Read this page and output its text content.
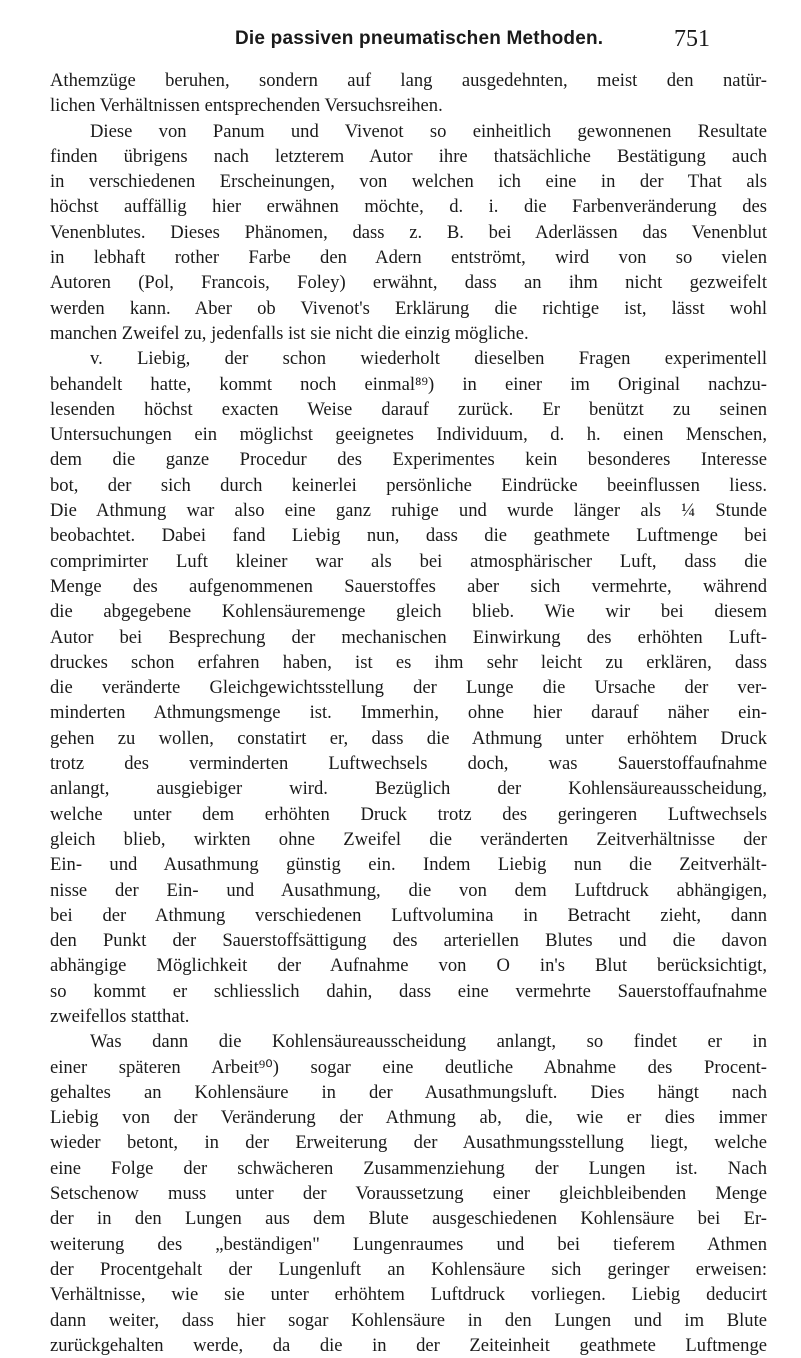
Die passiven pneumatischen Methoden.	751
Athemzüge beruhen, sondern auf lang ausgedehnten, meist den natür-
lichen Verhältnissen entsprechenden Versuchsreihen.
Diese von Panum und Vivenot so einheitlich gewonnenen Resultate
finden übrigens nach letzterem Autor ihre thatsächliche Bestätigung auch
in verschiedenen Erscheinungen, von welchen ich eine in der That als
höchst auffällig hier erwähnen möchte, d. i. die Farbenveränderung des
Venenblutes. Dieses Phänomen, dass z. B. bei Aderlässen das Venenblut
in lebhaft rother Farbe den Adern entströmt, wird von so vielen
Autoren (Pol, Francois, Foley) erwähnt, dass an ihm nicht gezweifelt
werden kann. Aber ob Vivenot's Erklärung die richtige ist, lässt wohl
manchen Zweifel zu, jedenfalls ist sie nicht die einzig mögliche.
v. Liebig, der schon wiederholt dieselben Fragen experimentell
behandelt hatte, kommt noch einmal⁸⁹) in einer im Original nachzu-
lesenden höchst exacten Weise darauf zurück. Er benützt zu seinen
Untersuchungen ein möglichst geeignetes Individuum, d. h. einen Menschen,
dem die ganze Procedur des Experimentes kein besonderes Interesse
bot, der sich durch keinerlei persönliche Eindrücke beeinflussen liess.
Die Athmung war also eine ganz ruhige und wurde länger als ¼ Stunde
beobachtet. Dabei fand Liebig nun, dass die geathmete Luftmenge bei
comprimirter Luft kleiner war als bei atmosphärischer Luft, dass die
Menge des aufgenommenen Sauerstoffes aber sich vermehrte, während
die abgegebene Kohlensäuremenge gleich blieb. Wie wir bei diesem
Autor bei Besprechung der mechanischen Einwirkung des erhöhten Luft-
druckes schon erfahren haben, ist es ihm sehr leicht zu erklären, dass
die veränderte Gleichgewichtsstellung der Lunge die Ursache der ver-
minderten Athmungsmenge ist. Immerhin, ohne hier darauf näher ein-
gehen zu wollen, constatirt er, dass die Athmung unter erhöhtem Druck
trotz des verminderten Luftwechsels doch, was Sauerstoffaufnahme
anlangt, ausgiebiger wird. Bezüglich der Kohlensäureausscheidung,
welche unter dem erhöhten Druck trotz des geringeren Luftwechsels
gleich blieb, wirkten ohne Zweifel die veränderten Zeitverhältnisse der
Ein- und Ausathmung günstig ein. Indem Liebig nun die Zeitverhält-
nisse der Ein- und Ausathmung, die von dem Luftdruck abhängigen,
bei der Athmung verschiedenen Luftvolumina in Betracht zieht, dann
den Punkt der Sauerstoffsättigung des arteriellen Blutes und die davon
abhängige Möglichkeit der Aufnahme von O in's Blut berücksichtigt,
so kommt er schliesslich dahin, dass eine vermehrte Sauerstoffaufnahme
zweifellos statthat.
Was dann die Kohlensäureausscheidung anlangt, so findet er in
einer späteren Arbeit⁹⁰) sogar eine deutliche Abnahme des Procent-
gehaltes an Kohlensäure in der Ausathmungsluft. Dies hängt nach
Liebig von der Veränderung der Athmung ab, die, wie er dies immer
wieder betont, in der Erweiterung der Ausathmungsstellung liegt, welche
eine Folge der schwächeren Zusammenziehung der Lungen ist. Nach
Setschenow muss unter der Voraussetzung einer gleichbleibenden Menge
der in den Lungen aus dem Blute ausgeschiedenen Kohlensäure bei Er-
weiterung des „beständigen" Lungenraumes und bei tieferem Athmen
der Procentgehalt der Lungenluft an Kohlensäure sich geringer erweisen:
Verhältnisse, wie sie unter erhöhtem Luftdruck vorliegen. Liebig deducirt
dann weiter, dass hier sogar Kohlensäure in den Lungen und im Blute
zurückgehalten werde, da die in der Zeiteinheit geathmete Luftmenge
